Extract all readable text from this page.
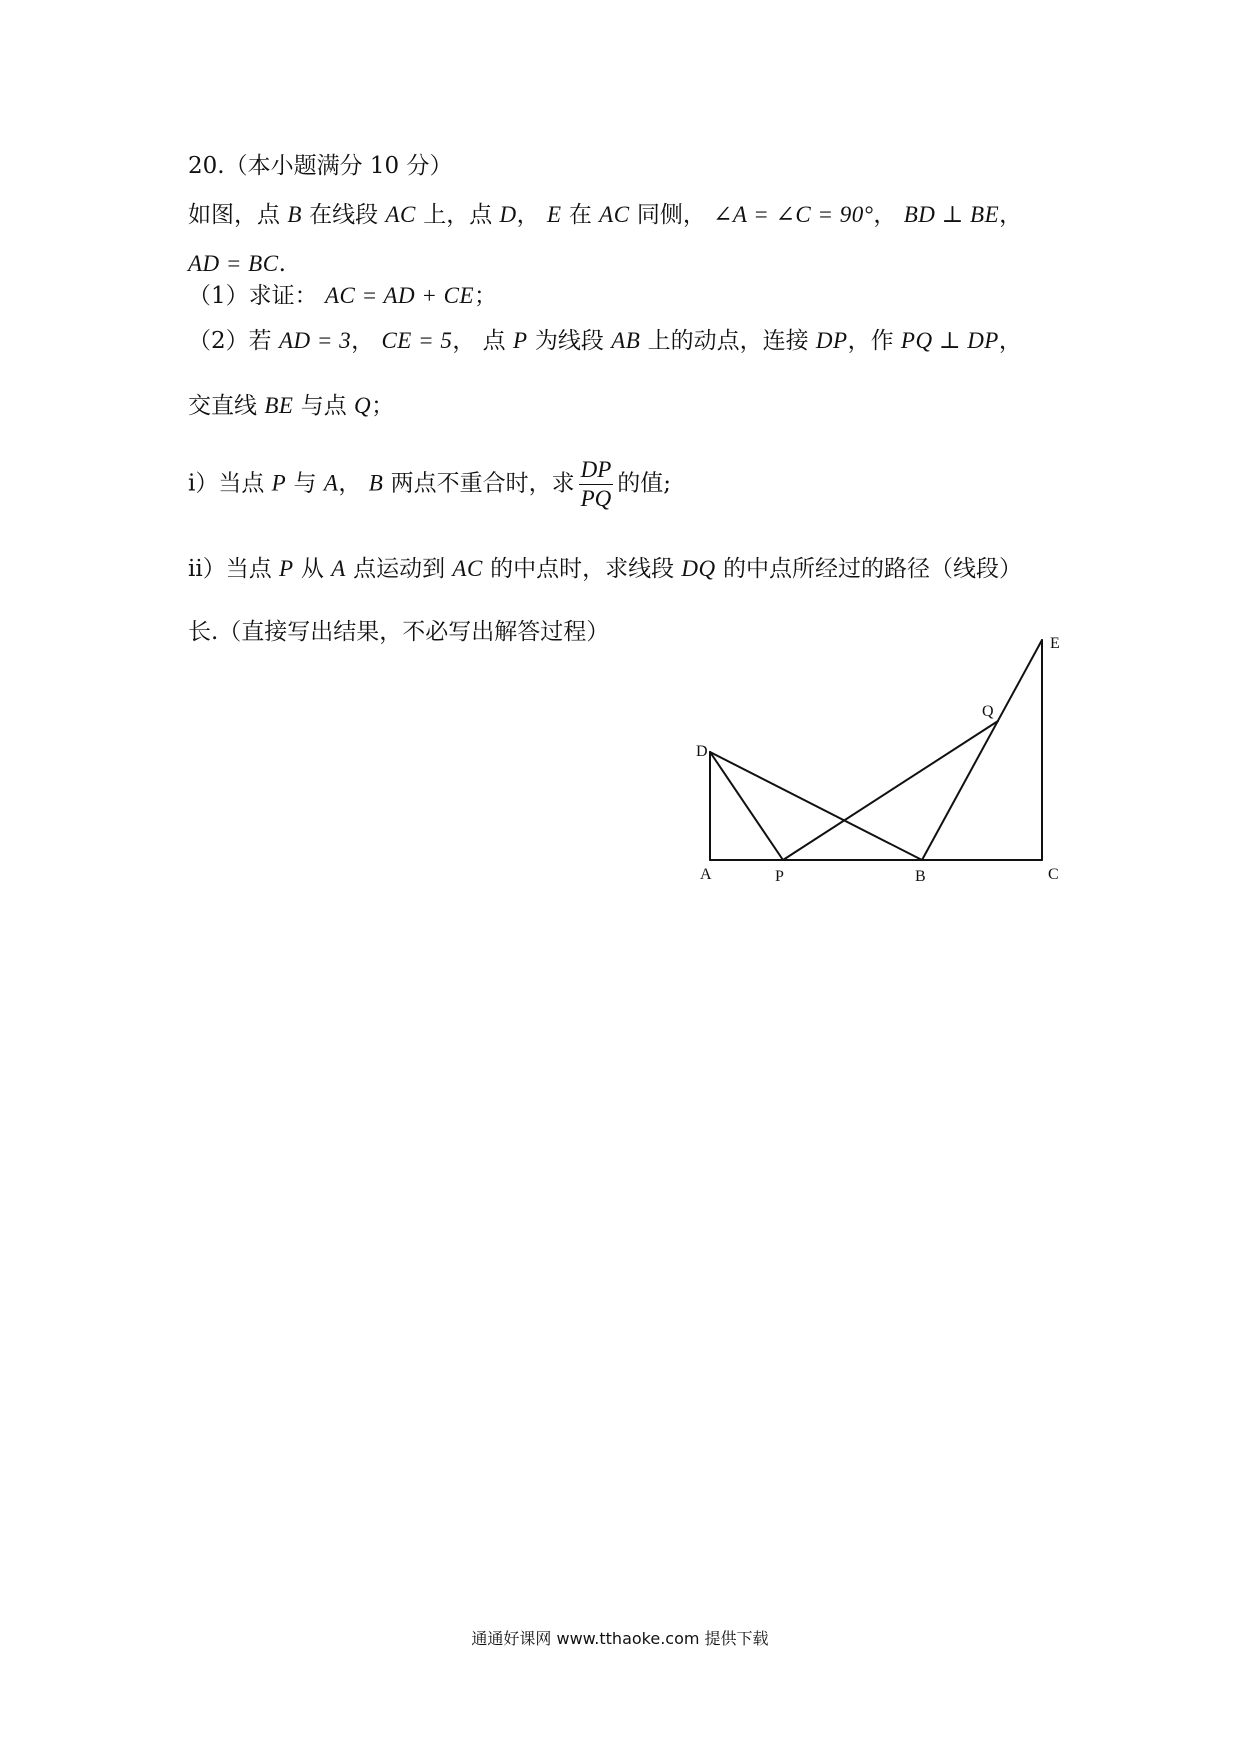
20.（本小题满分 10 分）
如图，点 B 在线段 AC 上，点 D， E 在 AC 同侧， ∠A = ∠C = 90°， BD ⊥ BE，
AD = BC.
（1）求证： AC = AD + CE；
（2）若 AD = 3， CE = 5， 点 P 为线段 AB 上的动点，连接 DP，作 PQ ⊥ DP，
交直线 BE 与点 Q；
i）当点 P 与 A， B 两点不重合时，求 $\frac{DP}{PQ}$ 的值;
ii）当点 P 从 A 点运动到 AC 的中点时，求线段 DQ 的中点所经过的路径（线段）
长.（直接写出结果，不必写出解答过程）
A	P	B	C
D
E
Q
通通好课网 www.tthaoke.com 提供下载
